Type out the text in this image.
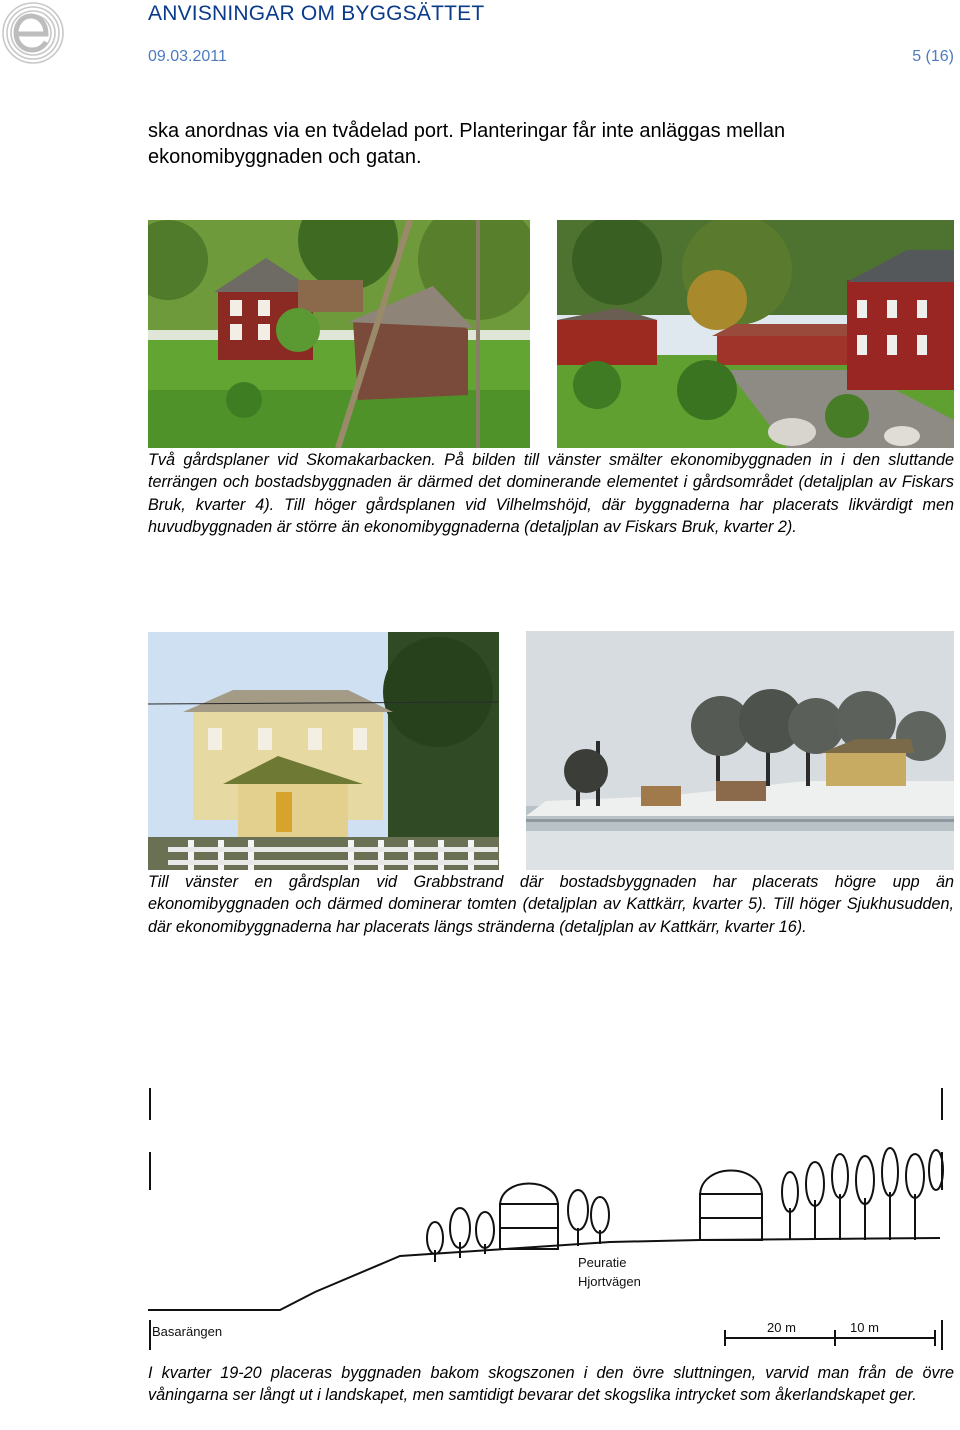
ANVISNINGAR OM BYGGSÄTTET
09.03.2011	5 (16)
ska anordnas via en tvådelad port. Planteringar får inte anläggas mellan ekonomibyggnaden och gatan.
Två gårdsplaner vid Skomakarbacken. På bilden till vänster smälter ekonomibyggnaden in i den sluttande terrängen och bostadsbyggnaden är därmed det dominerande elementet i gårdsområdet (detaljplan av Fiskars Bruk, kvarter 4). Till höger gårdsplanen vid Vilhelmshöjd, där byggnaderna har placerats likvärdigt men huvudbyggnaden är större än ekonomibyggnaderna (detaljplan av Fiskars Bruk, kvarter 2).
Till vänster en gårdsplan vid Grabbstrand där bostadsbyggnaden har placerats högre upp än ekonomibyggnaden och därmed dominerar tomten (detaljplan av Kattkärr, kvarter 5). Till höger Sjukhusudden, där ekonomibyggnaderna har placerats längs stränderna (detaljplan av Kattkärr, kvarter 16).
Basarängen
Peuratie
Hjortvägen
20 m	10 m
I kvarter 19-20 placeras byggnaden bakom skogszonen i den övre sluttningen, varvid man från de övre våningarna ser långt ut i landskapet, men samtidigt bevarar det skogslika intrycket som åkerlandskapet ger.
